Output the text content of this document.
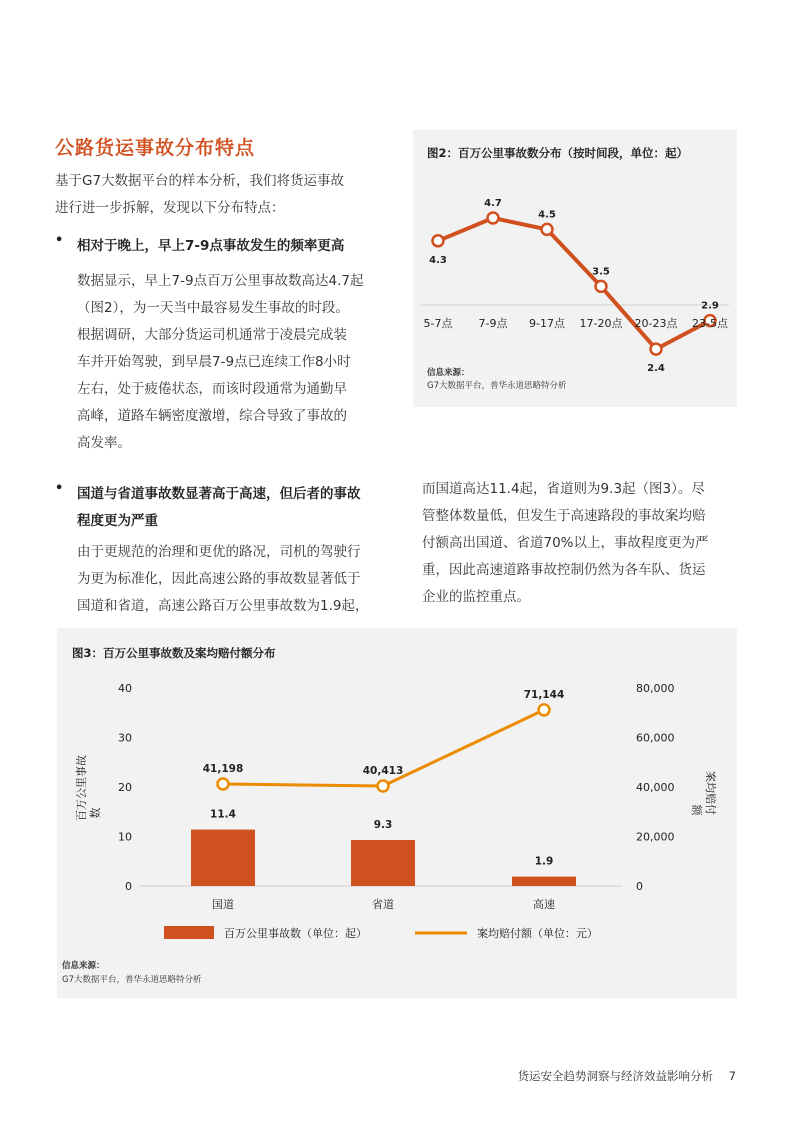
公路货运事故分布特点
基于G7大数据平台的样本分析，我们将货运事故
进行进一步拆解，发现以下分布特点：
• 相对于晚上，早上7-9点事故发生的频率更高
数据显示，早上7-9点百万公里事故数高达4.7起
（图2），为一天当中最容易发生事故的时段。
根据调研，大部分货运司机通常于凌晨完成装
车并开始驾驶，到早晨7-9点已连续工作8小时
左右，处于疲倦状态，而该时段通常为通勤早
高峰，道路车辆密度激增，综合导致了事故的
高发率。
图2：百万公里事故数分布（按时间段，单位：起）
4.3
5-7点
4.7
7-9点
4.5
9-17点
3.5
17-20点
2.4
20-23点
2.9
23-5点
信息来源：
G7大数据平台，普华永道思略特分析
• 国道与省道事故数显著高于高速，但后者的事故
程度更为严重
由于更规范的治理和更优的路况，司机的驾驶行
为更为标准化，因此高速公路的事故数显著低于
国道和省道，高速公路百万公里事故数为1.9起，
而国道高达11.4起，省道则为9.3起（图3）。尽
管整体数量低，但发生于高速路段的事故案均赔
付额高出国道、省道70%以上，事故程度更为严
重，因此高速道路事故控制仍然为各车队、货运
企业的监控重点。
图3：百万公里事故数及案均赔付额分布
0
10
20
30
40
0
20,000
40,000
60,000
80,000
百万公里事故 数	案均赔付
额
11.4
国道
9.3
省道
1.9
高速
41,198	40,413
71,144
百万公里事故数（单位：起）	案均赔付额（单位：元）
信息来源：
G7大数据平台，普华永道思略特分析
货运安全趋势洞察与经济效益影响分析 7
